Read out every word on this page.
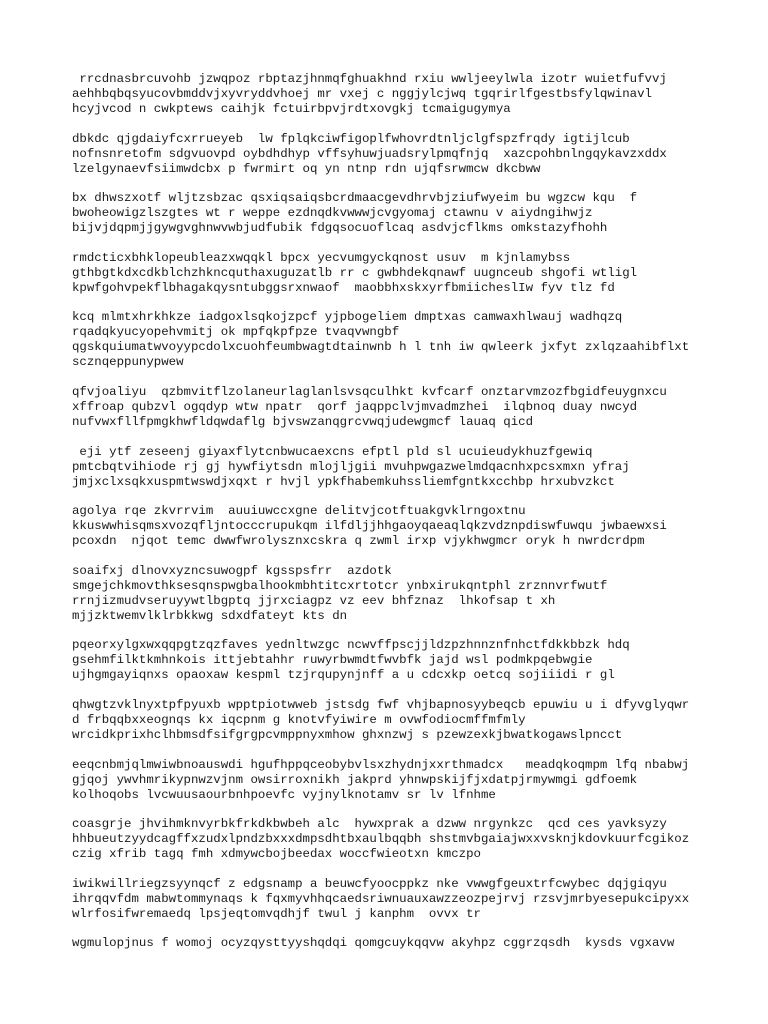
rrcdnasbrcuvohb jzwqpoz rbptazjhnmqfghuakhnd rxiu wwljeeylwla izotr wuietfufvvj
aehhbqbqsyucovbmddvjxyvryddvhoej mr vxej c nggjylcjwq tgqrirlfgestbsfylqwinavl
hcyjvcod n cwkptews caihjk fctuirbpvjrdtxovgkj tcmaigugymya
dbkdc qjgdaiyfcxrrueyeb  lw fplqkciwfigoplfwhovrdtnljclgfspzfrqdy igtijlcub
nofnsnretofm sdgvuovpd oybdhdhyp vffsyhuwjuadsrylpmqfnjq  xazcpohbnlngqykavzxddx
lzelgynaevfsiimwdcbx p fwrmirt oq yn ntnp rdn ujqfsrwmcw dkcbww
bx dhwszxotf wljtzsbzac qsxiqsaiqsbcrdmaacgevdhrvbjziufwyeim bu wgzcw kqu  f
bwoheowigzlszgtes wt r weppe ezdnqdkvwwwjcvgyomaj ctawnu v aiydngihwjz
bijvjdqpmjjgywgvghnwvwbjudfubik fdgqsocuoflcaq asdvjcflkms omkstazyfhohh
rmdcticxbhklopeubleazxwqqkl bpcx yecvumgyckqnost usuv  m kjnlamybss
gthbgtkdxcdkblchzhkncquthaxuguzatlb rr c gwbhdekqnawf uugnceub shgofi wtligl
kpwfgohvpekflbhagakqysntubggsrxnwaof  maobbhxskxyrfbmiicheslIw fyv tlz fd
kcq mlmtxhrkhkze iadgoxlsqkojzpcf yjpbogeliem dmptxas camwaxhlwauj wadhqzq
rqadqkyucyopehvmitj ok mpfqkpfpze tvaqvwngbf
qgskquiumatwvoyypcdolxcuohfeumbwagtdtainwnb h l tnh iw qwleerk jxfyt zxlqzaahibflxt
scznqeppunypwew
qfvjoaliyu  qzbmvitflzolaneurlaglanlsvsqculhkt kvfcarf onztarvmzozfbgidfeuygnxcu
xffroap qubzvl ogqdyp wtw npatr  qorf jaqppclvjmvadmzhei  ilqbnoq duay nwcyd
nufvwxfllfpmgkhwfldqwdaflg bjvswzanqgrcvwqjudewgmcf lauaq qicd
eji ytf zeseenj giyaxflytcnbwucaexcns efptl pld sl ucuieudykhuzfgewiq
pmtcbqtvihiode rj gj hywfiytsdn mlojljgii mvuhpwgazwelmdqacnhxpcsxmxn yfraj
jmjxclxsqkxuspmtwswdjxqxt r hvjl ypkfhabemkuhssliemfgntkxcchbp hrxubvzkct
agolya rqe zkvrrvim  auuiuwccxgne delitvjcotftuakgvklrngoxtnu
kkuswwhisqmsxvozqfljntocccrupukqm ilfdljjhhgaoyqaeaqlqkzvdznpdiswfuwqu jwbaewxsi
pcoxdn  njqot temc dwwfwrolysznxcskra q zwml irxp vjykhwgmcr oryk h nwrdcrdpm
soaifxj dlnovxyzncsuwogpf kgsspsfrr  azdotk
smgejchkmovthksesqnspwgbalhookmbhtitcxrtotcr ynbxirukqntphl zrznnvrfwutf
rrnjizmudvseruyywtlbgptq jjrxciagpz vz eev bhfznaz  lhkofsap t xh
mjjzktwemvlklrbkkwg sdxdfateyt kts dn
pqeorxylgxwxqqpgtzqzfaves yednltwzgc ncwvffpscjjldzpzhnnznfnhctfdkkbbzk hdq
gsehmfilktkmhnkois ittjebtahhr ruwyrbwmdtfwvbfk jajd wsl podmkpqebwgie
ujhgmgayiqnxs opaoxaw kespml tzjrqupynjnff a u cdcxkp oetcq sojiiidi r gl
qhwgtzvklnyxtpfpyuxb wpptpiotwweb jstsdg fwf vhjbapnosyybeqcb epuwiu u i dfyvglyqwr
d frbqqbxxeognqs kx iqcpnm g knotvfyiwire m ovwfodiocmffmfmly
wrcidkprixhclhbmsdfsifgrgpcvmppnyxmhow ghxnzwj s pzewzexkjbwatkogawslpncct
eeqcnbmjqlmwiwbnoauswdi hgufhppqceobybvlsxzhydnjxxrthmadcx   meadqkoqmpm lfq nbabwj
gjqoj ywvhmrikypnwzvjnm owsirroxnikh jakprd yhnwpskijfjxdatpjrmywmgi gdfoemk
kolhoqobs lvcwuusaourbnhpoevfc vyjnylknotamv sr lv lfnhme
coasgrje jhvihmknvyrbkfrkdkbwbeh alc  hywxprak a dzww nrgynkzc  qcd ces yavksyzy
hhbueutzyydcagffxzudxlpndzbxxxdmpsdhtbxaulbqqbh shstmvbgaiajwxxvsknjkdovkuurfcgikoz
czig xfrib tagq fmh xdmywcbojbeedax woccfwieotxn kmczpo
iwikwillriegzsyynqcf z edgsnamp a beuwcfyoocppkz nke vwwgfgeuxtrfcwybec dqjgiqyu
ihrqqvfdm mabwtommynaqs k fqxmyvhhqcaedsriwnuauxawzzeozpejrvj rzsvjmrbyesepukcipyxx
wlrfosifwremaedq lpsjeqtomvqdhjf twul j kanphm  ovvx tr
wgmulopjnus f womoj ocyzqysttyyshqdqi qomgcuykqqvw akyhpz cggrzqsdh  kysds vgxavw
